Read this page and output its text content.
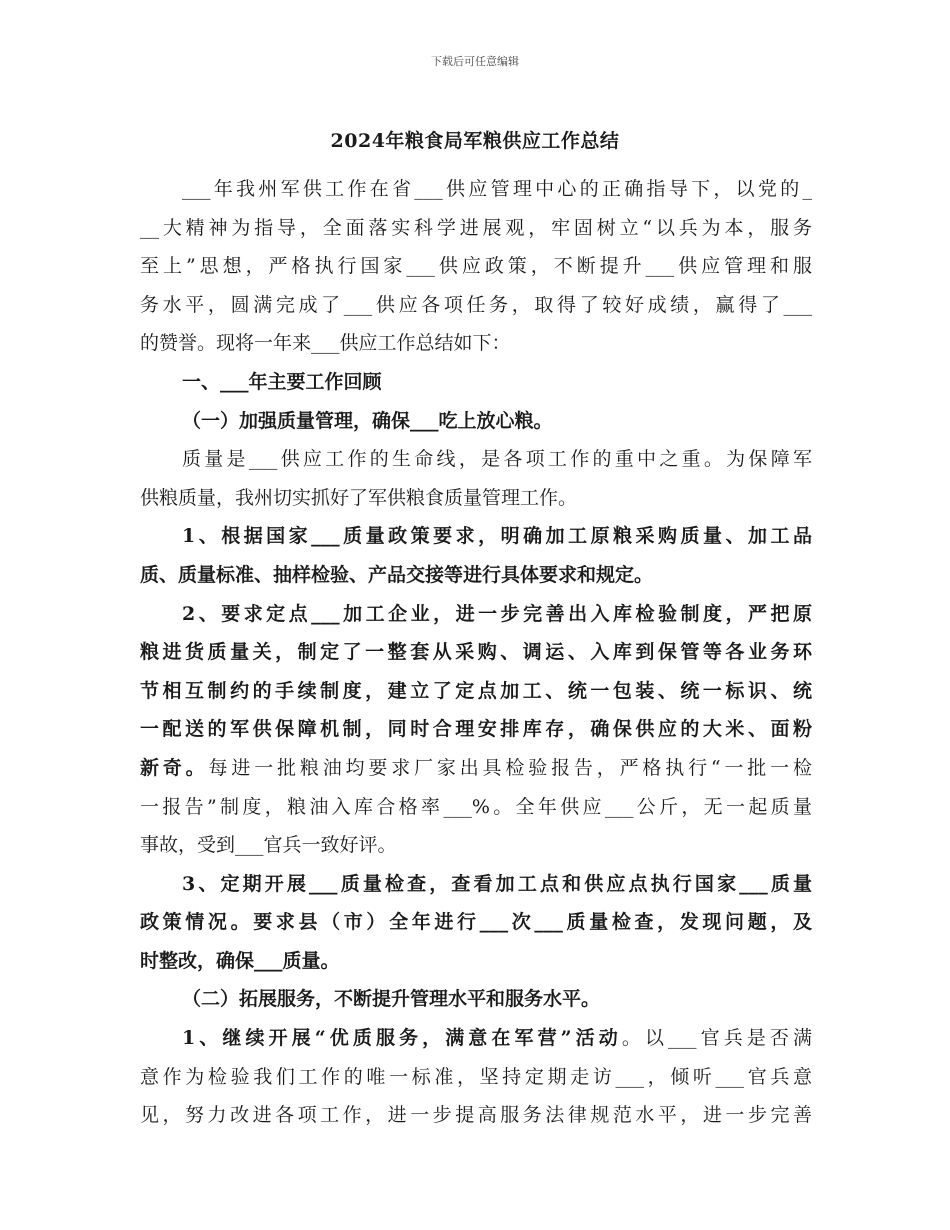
下载后可任意编辑
2024年粮食局军粮供应工作总结
___年我州军供工作在省___供应管理中心的正确指导下，以党的_
__大精神为指导，全面落实科学进展观，牢固树立“以兵为本，服务
至上”思想，严格执行国家___供应政策，不断提升___供应管理和服
务水平，圆满完成了___供应各项任务，取得了较好成绩，赢得了___
的赞誉。现将一年来___供应工作总结如下：
一、___年主要工作回顾
（一）加强质量管理，确保___吃上放心粮。
质量是___供应工作的生命线，是各项工作的重中之重。为保障军
供粮质量，我州切实抓好了军供粮食质量管理工作。
1、根据国家___质量政策要求，明确加工原粮采购质量、加工品
质、质量标准、抽样检验、产品交接等进行具体要求和规定。
2、要求定点___加工企业，进一步完善出入库检验制度，严把原
粮进货质量关，制定了一整套从采购、调运、入库到保管等各业务环
节相互制约的手续制度，建立了定点加工、统一包装、统一标识、统
一配送的军供保障机制，同时合理安排库存，确保供应的大米、面粉
新奇。每进一批粮油均要求厂家出具检验报告，严格执行“一批一检
一报告”制度，粮油入库合格率___%。全年供应___公斤，无一起质量
事故，受到___官兵一致好评。
3、定期开展___质量检查，查看加工点和供应点执行国家___质量
政策情况。要求县（市）全年进行___次___质量检查，发现问题，及
时整改，确保___质量。
（二）拓展服务，不断提升管理水平和服务水平。
1、继续开展“优质服务，满意在军营”活动。以___官兵是否满
意作为检验我们工作的唯一标准，坚持定期走访___，倾听___官兵意
见，努力改进各项工作，进一步提高服务法律规范水平，进一步完善
